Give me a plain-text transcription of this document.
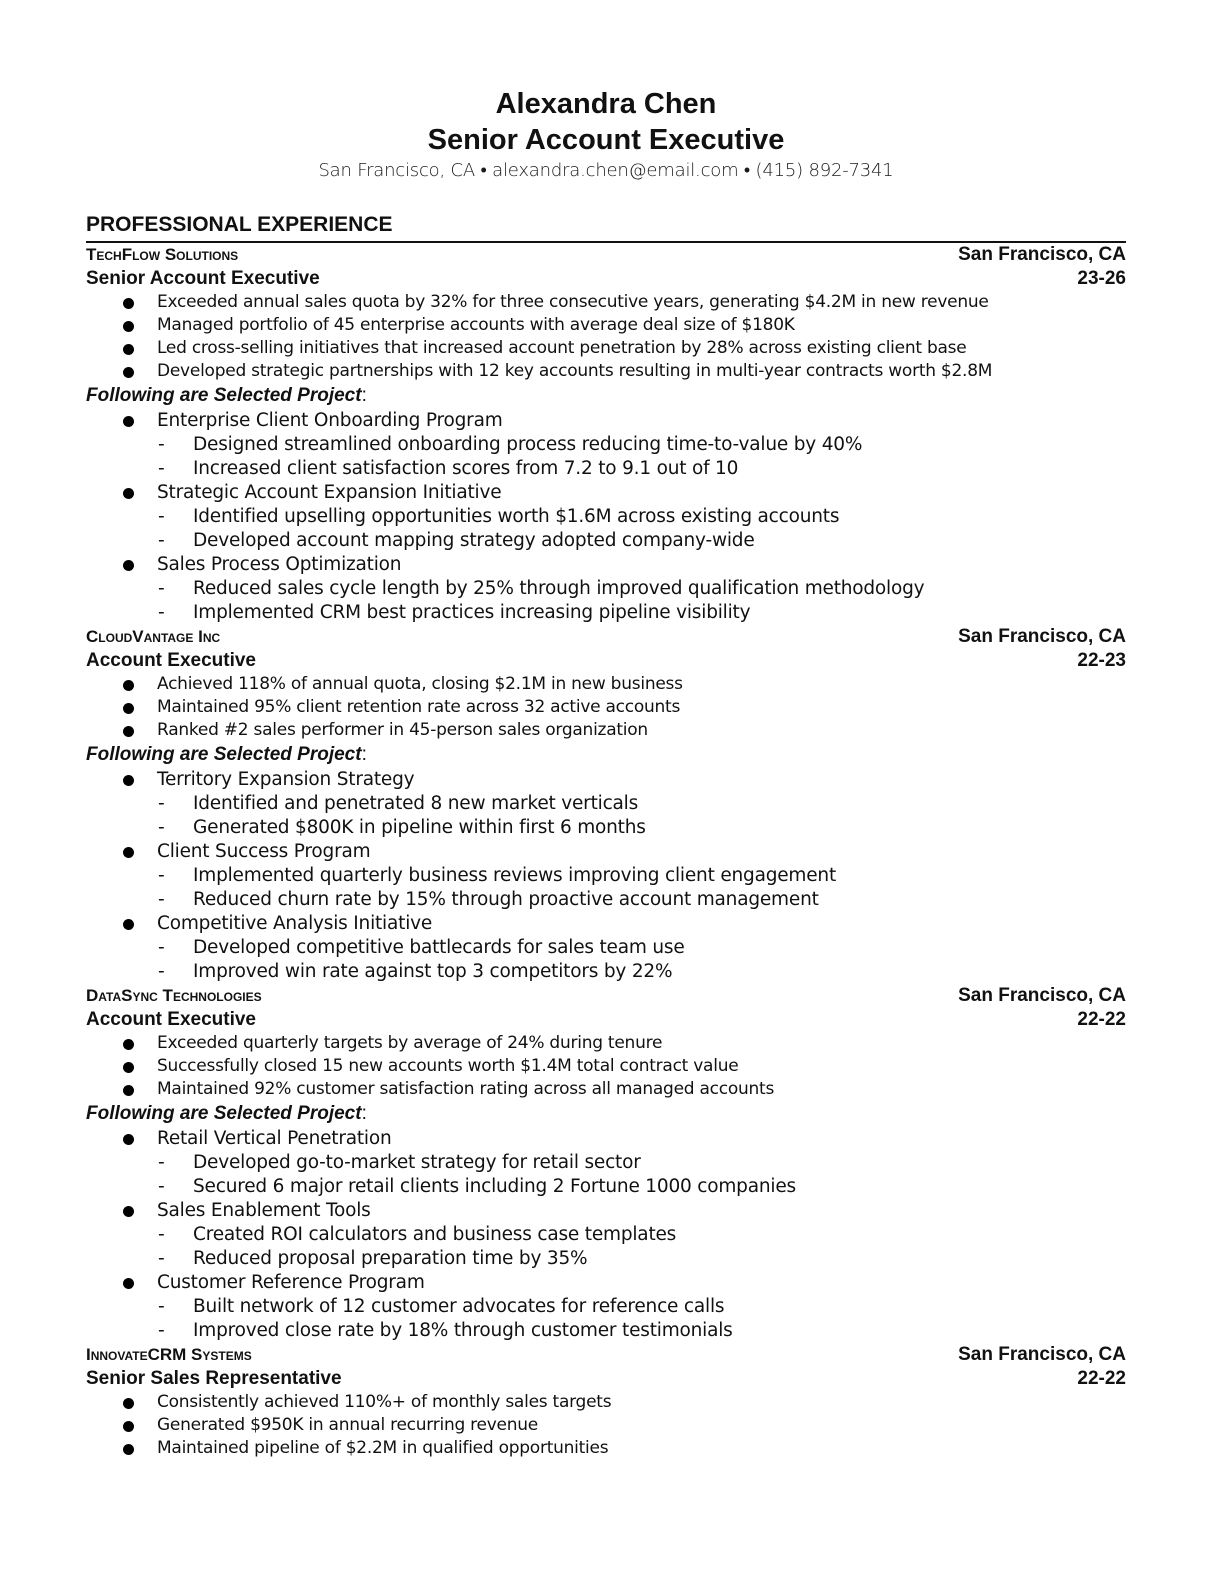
Alexandra Chen
Senior Account Executive
San Francisco, CA • alexandra.chen@email.com • (415) 892-7341
PROFESSIONAL EXPERIENCE
TechFlow Solutions	San Francisco, CA
Senior Account Executive	23-26
Exceeded annual sales quota by 32% for three consecutive years, generating $4.2M in new revenue
Managed portfolio of 45 enterprise accounts with average deal size of $180K
Led cross-selling initiatives that increased account penetration by 28% across existing client base
Developed strategic partnerships with 12 key accounts resulting in multi-year contracts worth $2.8M
Following are Selected Project:
Enterprise Client Onboarding Program
- Designed streamlined onboarding process reducing time-to-value by 40%
- Increased client satisfaction scores from 7.2 to 9.1 out of 10
Strategic Account Expansion Initiative
- Identified upselling opportunities worth $1.6M across existing accounts
- Developed account mapping strategy adopted company-wide
Sales Process Optimization
- Reduced sales cycle length by 25% through improved qualification methodology
- Implemented CRM best practices increasing pipeline visibility
CloudVantage Inc	San Francisco, CA
Account Executive	22-23
Achieved 118% of annual quota, closing $2.1M in new business
Maintained 95% client retention rate across 32 active accounts
Ranked #2 sales performer in 45-person sales organization
Following are Selected Project:
Territory Expansion Strategy
- Identified and penetrated 8 new market verticals
- Generated $800K in pipeline within first 6 months
Client Success Program
- Implemented quarterly business reviews improving client engagement
- Reduced churn rate by 15% through proactive account management
Competitive Analysis Initiative
- Developed competitive battlecards for sales team use
- Improved win rate against top 3 competitors by 22%
DataSync Technologies	San Francisco, CA
Account Executive	22-22
Exceeded quarterly targets by average of 24% during tenure
Successfully closed 15 new accounts worth $1.4M total contract value
Maintained 92% customer satisfaction rating across all managed accounts
Following are Selected Project:
Retail Vertical Penetration
- Developed go-to-market strategy for retail sector
- Secured 6 major retail clients including 2 Fortune 1000 companies
Sales Enablement Tools
- Created ROI calculators and business case templates
- Reduced proposal preparation time by 35%
Customer Reference Program
- Built network of 12 customer advocates for reference calls
- Improved close rate by 18% through customer testimonials
InnovateCRM Systems	San Francisco, CA
Senior Sales Representative	22-22
Consistently achieved 110%+ of monthly sales targets
Generated $950K in annual recurring revenue
Maintained pipeline of $2.2M in qualified opportunities
